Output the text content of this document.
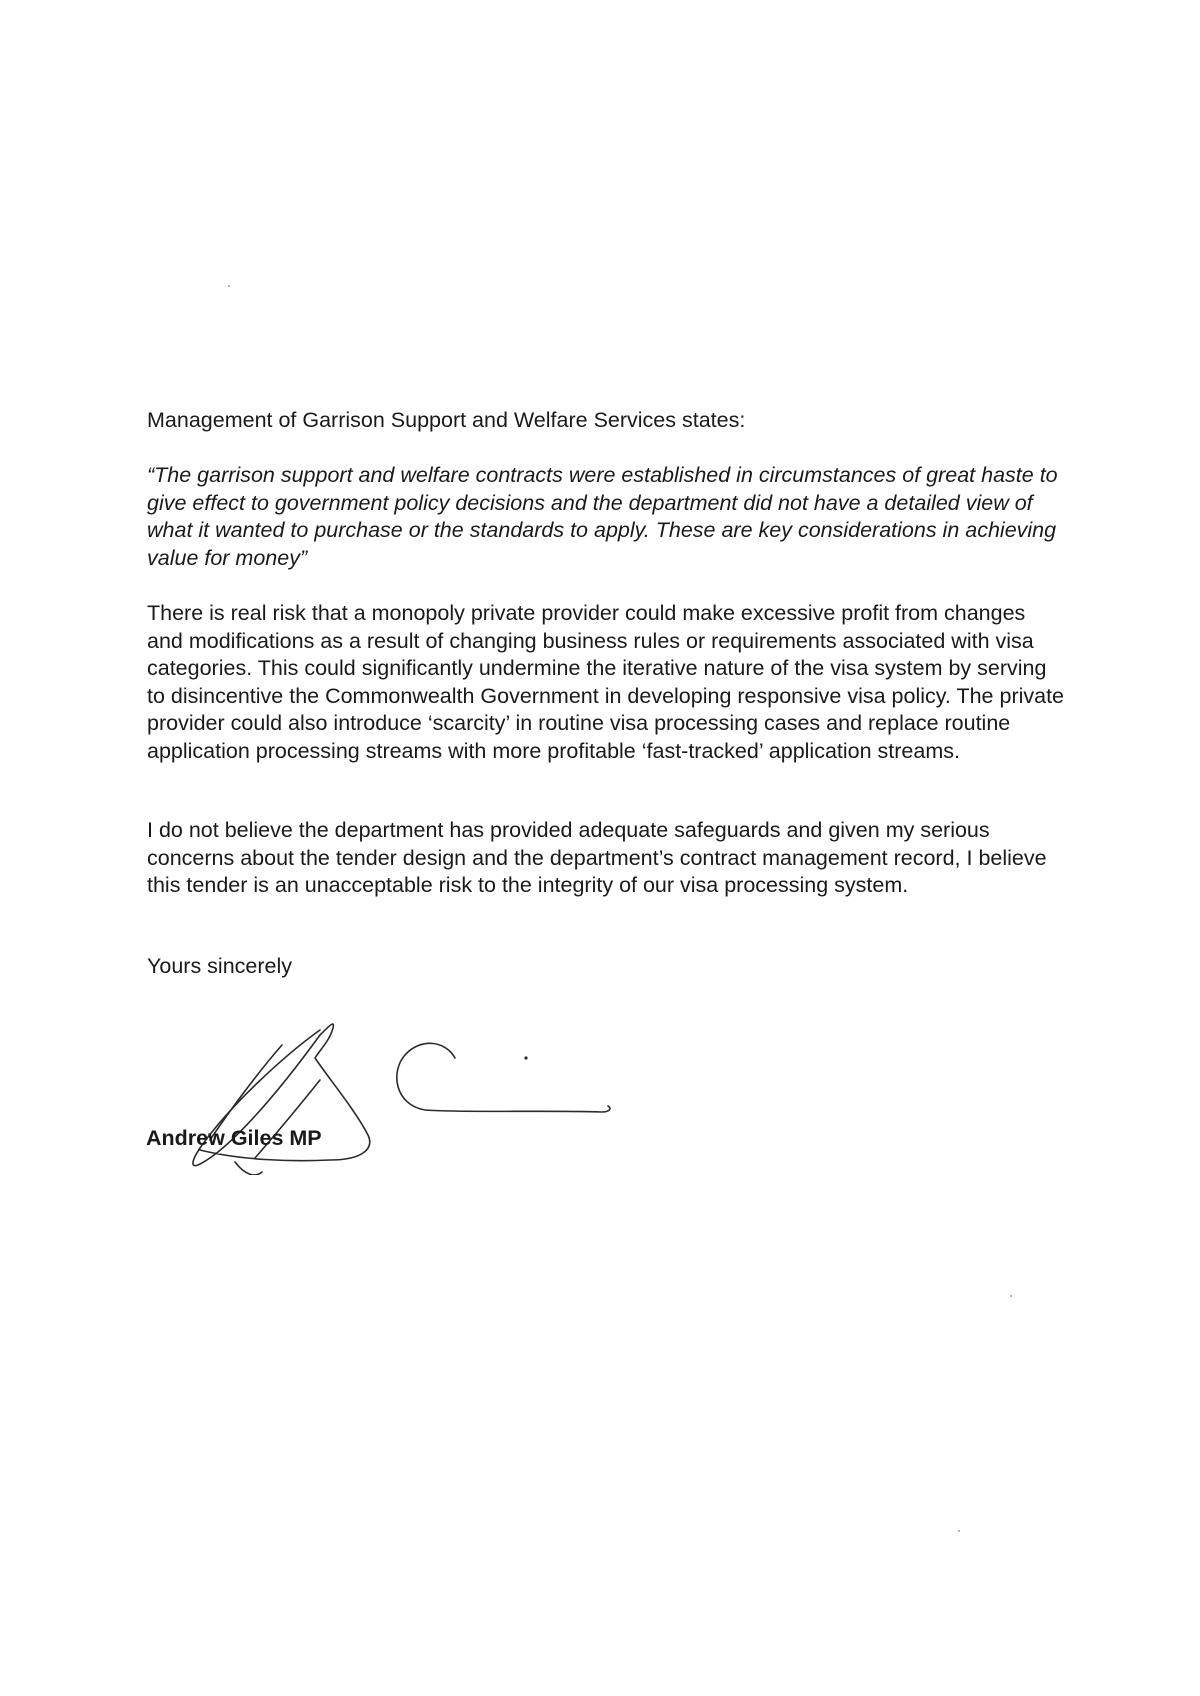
Management of Garrison Support and Welfare Services states:

“The garrison support and welfare contracts were established in circumstances of great haste to give effect to government policy decisions and the department did not have a detailed view of what it wanted to purchase or the standards to apply. These are key considerations in achieving value for money”

There is real risk that a monopoly private provider could make excessive profit from changes and modifications as a result of changing business rules or requirements associated with visa categories. This could significantly undermine the iterative nature of the visa system by serving to disincentive the Commonwealth Government in developing responsive visa policy. The private provider could also introduce ‘scarcity’ in routine visa processing cases and replace routine application processing streams with more profitable ‘fast-tracked’ application streams.

I do not believe the department has provided adequate safeguards and given my serious concerns about the tender design and the department’s contract management record, I believe this tender is an unacceptable risk to the integrity of our visa processing system.

Yours sincerely

Andrew Giles MP
